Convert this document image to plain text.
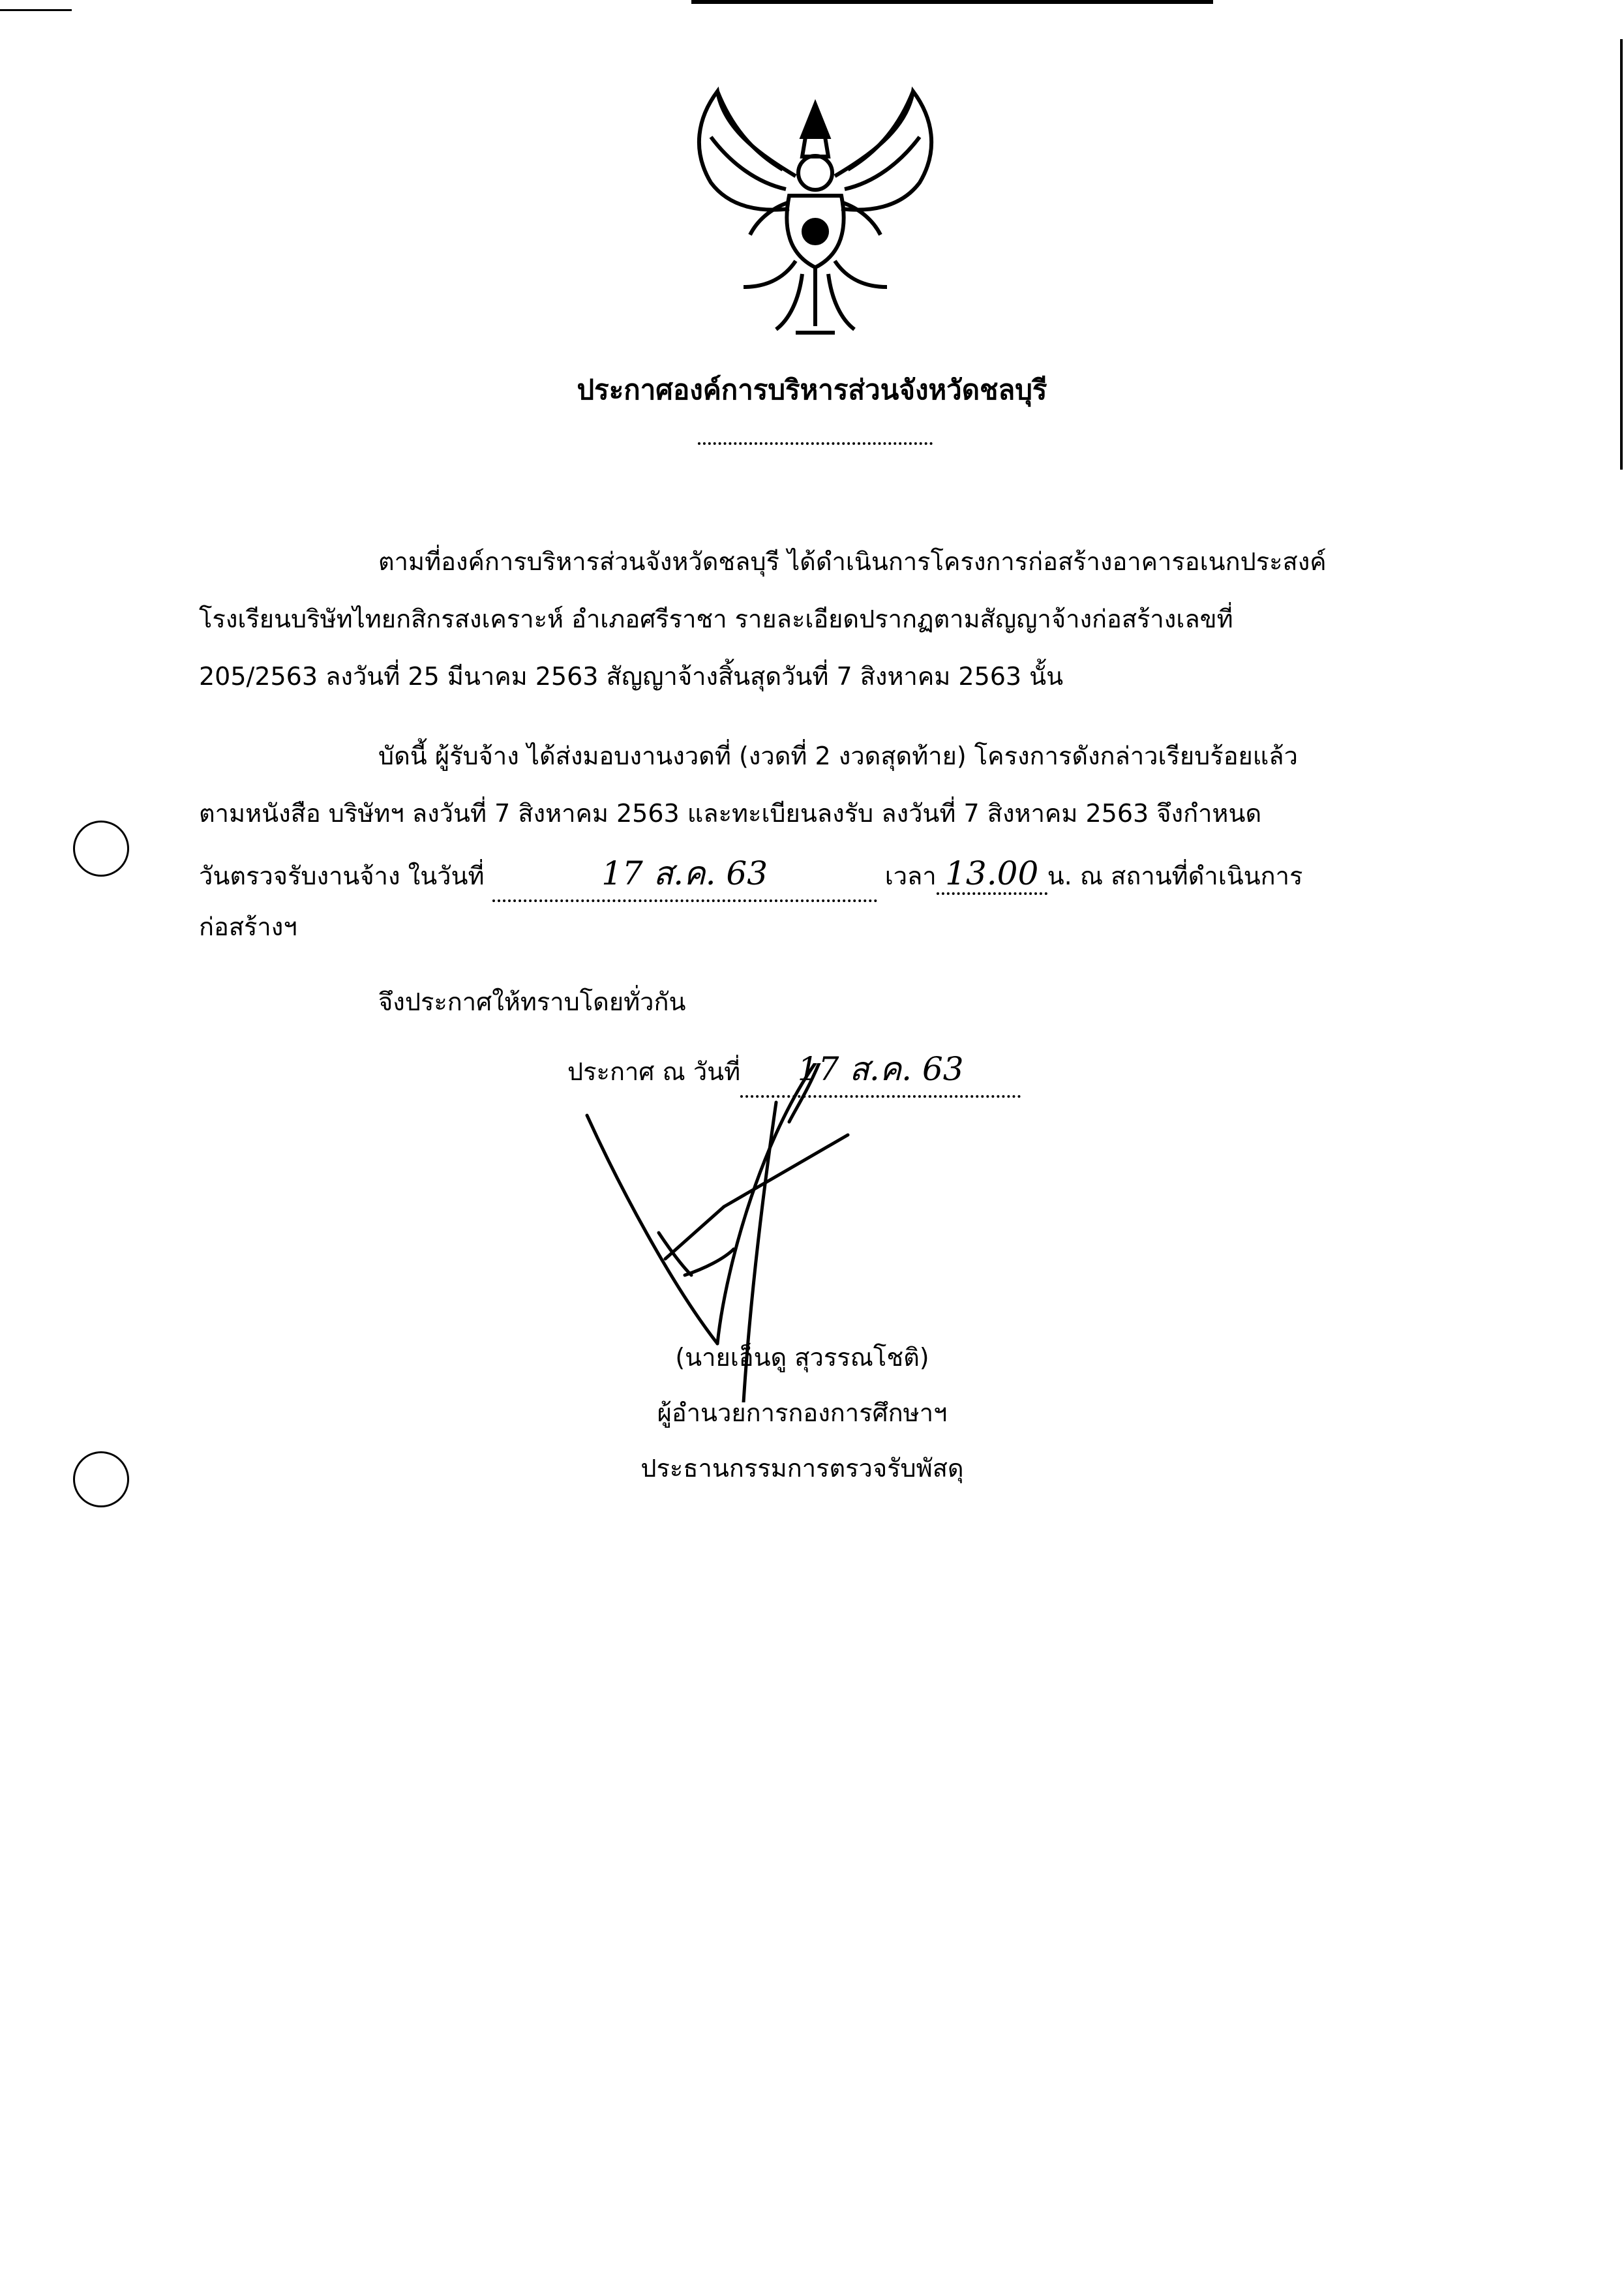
ประกาศองค์การบริหารส่วนจังหวัดชลบุรี
ตามที่องค์การบริหารส่วนจังหวัดชลบุรี ได้ดำเนินการโครงการก่อสร้างอาคารอเนกประสงค์
โรงเรียนบริษัทไทยกสิกรสงเคราะห์ อำเภอศรีราชา รายละเอียดปรากฏตามสัญญาจ้างก่อสร้างเลขที่
205/2563 ลงวันที่ 25 มีนาคม 2563 สัญญาจ้างสิ้นสุดวันที่ 7 สิงหาคม 2563 นั้น
บัดนี้ ผู้รับจ้าง ได้ส่งมอบงานงวดที่ (งวดที่ 2 งวดสุดท้าย) โครงการดังกล่าวเรียบร้อยแล้ว
ตามหนังสือ บริษัทฯ ลงวันที่ 7 สิงหาคม 2563 และทะเบียนลงรับ ลงวันที่ 7 สิงหาคม 2563 จึงกำหนด
วันตรวจรับงานจ้าง ในวันที่	17 ส.ค. 63	เวลา 13.00 น. ณ สถานที่ดำเนินการ
ก่อสร้างฯ
จึงประกาศให้ทราบโดยทั่วกัน
ประกาศ ณ วันที่ 17 ส.ค. 63
(นายเอ็นดู สุวรรณโชติ)
ผู้อำนวยการกองการศึกษาฯ
ประธานกรรมการตรวจรับพัสดุ
